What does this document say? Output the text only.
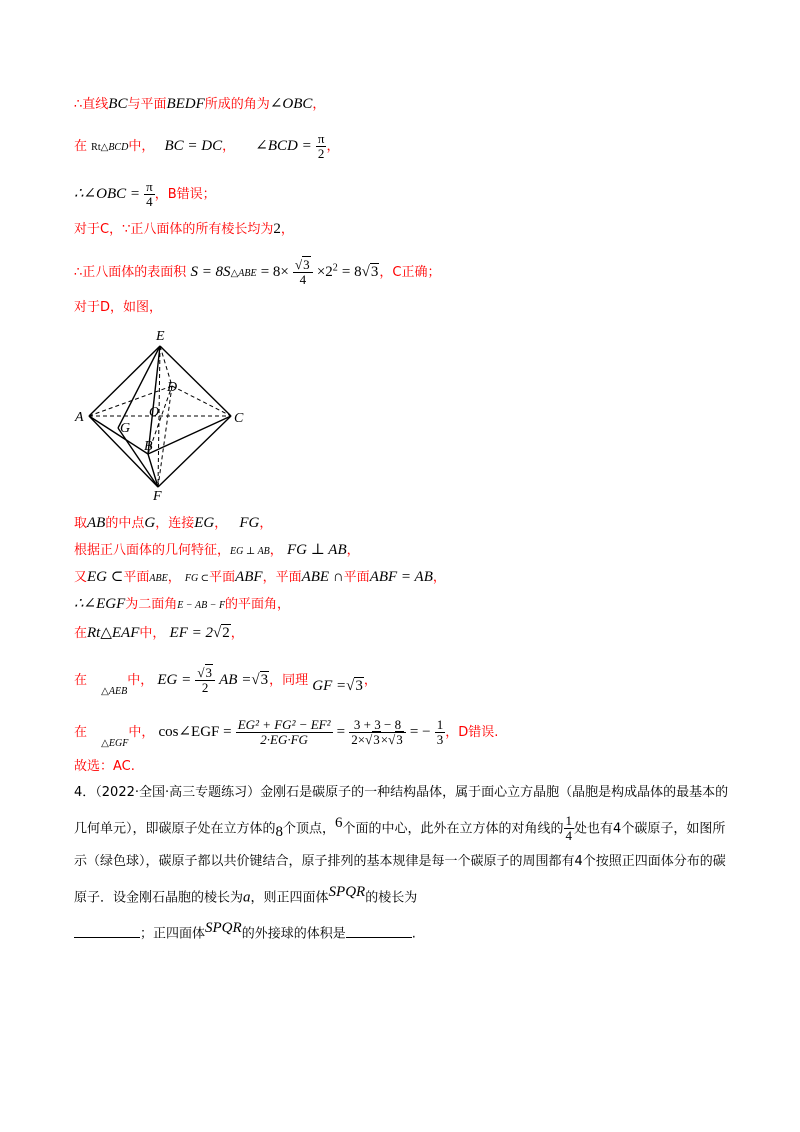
∴直线BC与平面BEDF所成的角为∠OBC，
在 Rt△BCD中， BC = DC， ∠BCD = $\frac{\pi}{2}$ ，
∴∠OBC = $\frac{\pi}{4}$ ，B错误；
对于C，∵正八面体的所有棱长均为2，
∴正八面体的表面积 S = 8S△ABE = $8\times \frac{√3}{4} \times 2^2 = 8√3$，C正确；
对于D，如图，
E
A	C
F
D
O
G
B
取AB的中点G，连接EG， FG，
根据正八面体的几何特征，EG ⊥ AB， FG ⊥ AB，
又EG ⊂平面ABE， FG ⊂平面ABF，平面ABE ∩平面ABF = AB，
∴∠EGF为二面角E − AB − F的平面角，
在Rt△EAF中， EF = 2√2，
在 $_{\triangle AEB}$中， EG = $\frac{√3}{2}$ AB =√3，同理 GF =√3，
在 $_{\triangle EGF}$中， cos∠EGF = $\frac{\text{EG² + FG² − EF²}}{2\cdot EG\cdot FG} = \frac{3 + 3 - 8}{2\times√3\times√3}$ = − $\frac{1}{3}$ ，D错误.
故选：AC.
4．（2022·全国·高三专题练习）金刚石是碳原子的一种结构晶体，属于面心立方晶胞（晶胞是构成晶体的最基本的几何单元），即碳原子处在立方体的$_8$个顶点，$^6$个面的中心，此外在立方体的对角线的 $\frac{1}{4}$ 处也有4个碳原子，如图所示（绿色球），碳原子都以共价键结合，原子排列的基本规律是每一个碳原子的周围都有4个按照正四面体分布的碳原子．设金刚石晶胞的棱长为a，则正四面体$^{SPQR}$的棱长为
；正四面体$^{SPQR}$的外接球的体积是	.
